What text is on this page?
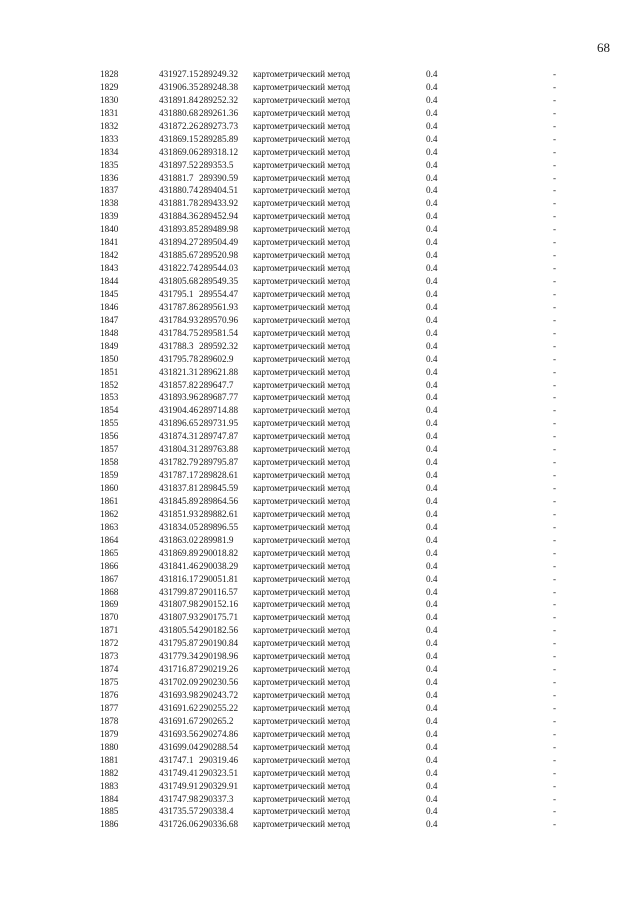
68
1828	431927.15 289249.32 картометрический метод	0.4	-
1829	431906.35 289248.38 картометрический метод	0.4	-
1830	431891.84 289252.32 картометрический метод	0.4	-
1831	431880.68 289261.36 картометрический метод	0.4	-
1832	431872.26 289273.73 картометрический метод	0.4	-
1833	431869.15 289285.89 картометрический метод	0.4	-
1834	431869.06 289318.12 картометрический метод	0.4	-
1835	431897.52 289353.5 картометрический метод	0.4	-
1836	431881.7 289390.59 картометрический метод	0.4	-
1837	431880.74 289404.51 картометрический метод	0.4	-
1838	431881.78 289433.92 картометрический метод	0.4	-
1839	431884.36 289452.94 картометрический метод	0.4	-
1840	431893.85 289489.98 картометрический метод	0.4	-
1841	431894.27 289504.49 картометрический метод	0.4	-
1842	431885.67 289520.98 картометрический метод	0.4	-
1843	431822.74 289544.03 картометрический метод	0.4	-
1844	431805.68 289549.35 картометрический метод	0.4	-
1845	431795.1 289554.47 картометрический метод	0.4	-
1846	431787.86 289561.93 картометрический метод	0.4	-
1847	431784.93 289570.96 картометрический метод	0.4	-
1848	431784.75 289581.54 картометрический метод	0.4	-
1849	431788.3 289592.32 картометрический метод	0.4	-
1850	431795.78 289602.9 картометрический метод	0.4	-
1851	431821.31 289621.88 картометрический метод	0.4	-
1852	431857.82 289647.7 картометрический метод	0.4	-
1853	431893.96 289687.77 картометрический метод	0.4	-
1854	431904.46 289714.88 картометрический метод	0.4	-
1855	431896.65 289731.95 картометрический метод	0.4	-
1856	431874.31 289747.87 картометрический метод	0.4	-
1857	431804.31 289763.88 картометрический метод	0.4	-
1858	431782.79 289795.87 картометрический метод	0.4	-
1859	431787.17 289828.61 картометрический метод	0.4	-
1860	431837.81 289845.59 картометрический метод	0.4	-
1861	431845.89 289864.56 картометрический метод	0.4	-
1862	431851.93 289882.61 картометрический метод	0.4	-
1863	431834.05 289896.55 картометрический метод	0.4	-
1864	431863.02 289981.9 картометрический метод	0.4	-
1865	431869.89 290018.82 картометрический метод	0.4	-
1866	431841.46 290038.29 картометрический метод	0.4	-
1867	431816.17 290051.81 картометрический метод	0.4	-
1868	431799.87 290116.57 картометрический метод	0.4	-
1869	431807.98 290152.16 картометрический метод	0.4	-
1870	431807.93 290175.71 картометрический метод	0.4	-
1871	431805.54 290182.56 картометрический метод	0.4	-
1872	431795.87 290190.84 картометрический метод	0.4	-
1873	431779.34 290198.96 картометрический метод	0.4	-
1874	431716.87 290219.26 картометрический метод	0.4	-
1875	431702.09 290230.56 картометрический метод	0.4	-
1876	431693.98 290243.72 картометрический метод	0.4	-
1877	431691.62 290255.22 картометрический метод	0.4	-
1878	431691.67 290265.2 картометрический метод	0.4	-
1879	431693.56 290274.86 картометрический метод	0.4	-
1880	431699.04 290288.54 картометрический метод	0.4	-
1881	431747.1 290319.46 картометрический метод	0.4	-
1882	431749.41 290323.51 картометрический метод	0.4	-
1883	431749.91 290329.91 картометрический метод	0.4	-
1884	431747.98 290337.3 картометрический метод	0.4	-
1885	431735.57 290338.4 картометрический метод	0.4	-
1886	431726.06 290336.68 картометрический метод	0.4	-
